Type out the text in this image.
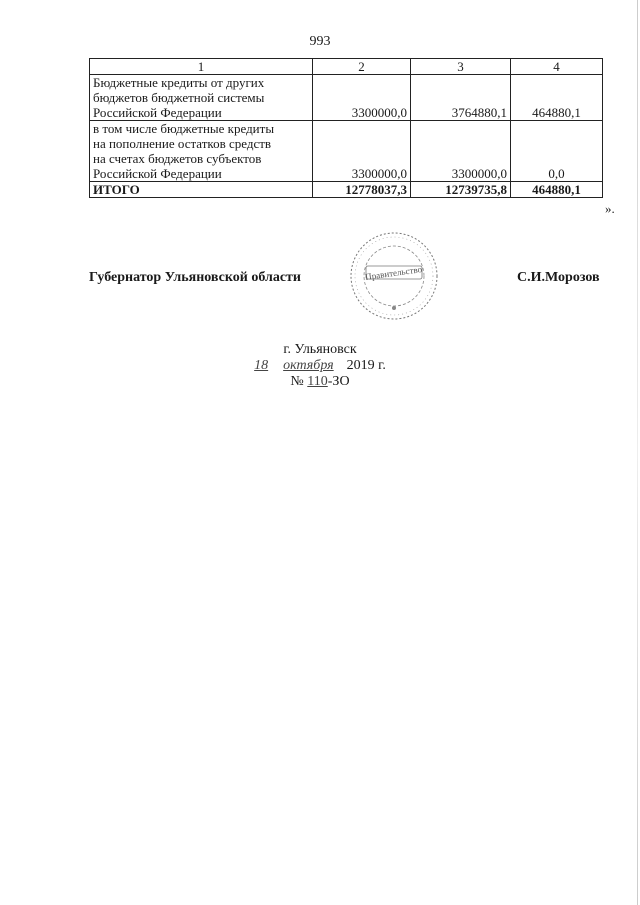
993
1	2	3	4

Бюджетные кредиты от других
бюджетов бюджетной системы
Российской Федерации	3300000,0	3764880,1	464880,1

в том числе бюджетные кредиты
на пополнение остатков средств
на счетах бюджетов субъектов
Российской Федерации	3300000,0	3300000,0	0,0
ИТОГО	12778037,3	12739735,8	464880,1
».
Губернатор Ульяновской области	Правительство	С.И.Морозов
г. Ульяновск
18 октября 2019 г.
№ 110-ЗО
